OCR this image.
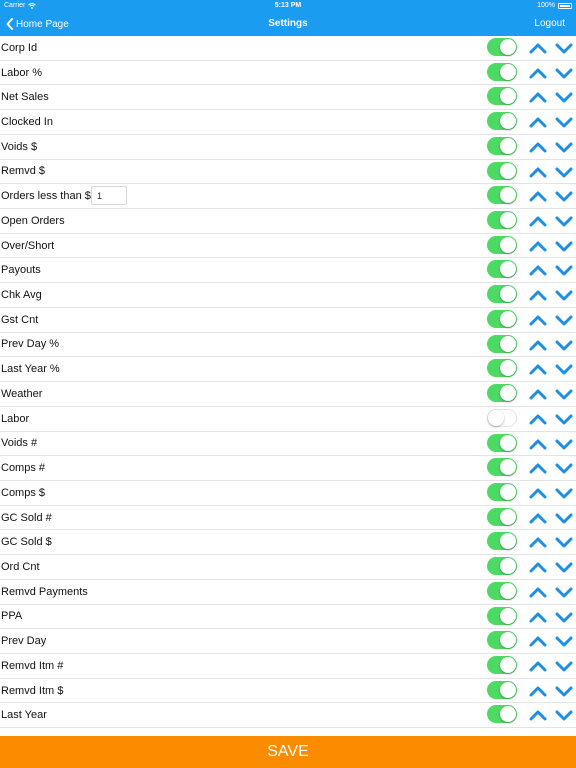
Carrier	5:13 PM	100%
Home Page	Settings	Logout
Corp Id
Labor %
Net Sales
Clocked In
Voids $
Remvd $
Orders less than $
1
Open Orders
Over/Short
Payouts
Chk Avg
Gst Cnt
Prev Day %
Last Year %
Weather
Labor
Voids #
Comps #
Comps $
GC Sold #
GC Sold $
Ord Cnt
Remvd Payments
PPA
Prev Day
Remvd Itm #
Remvd Itm $
Last Year
SAVE
